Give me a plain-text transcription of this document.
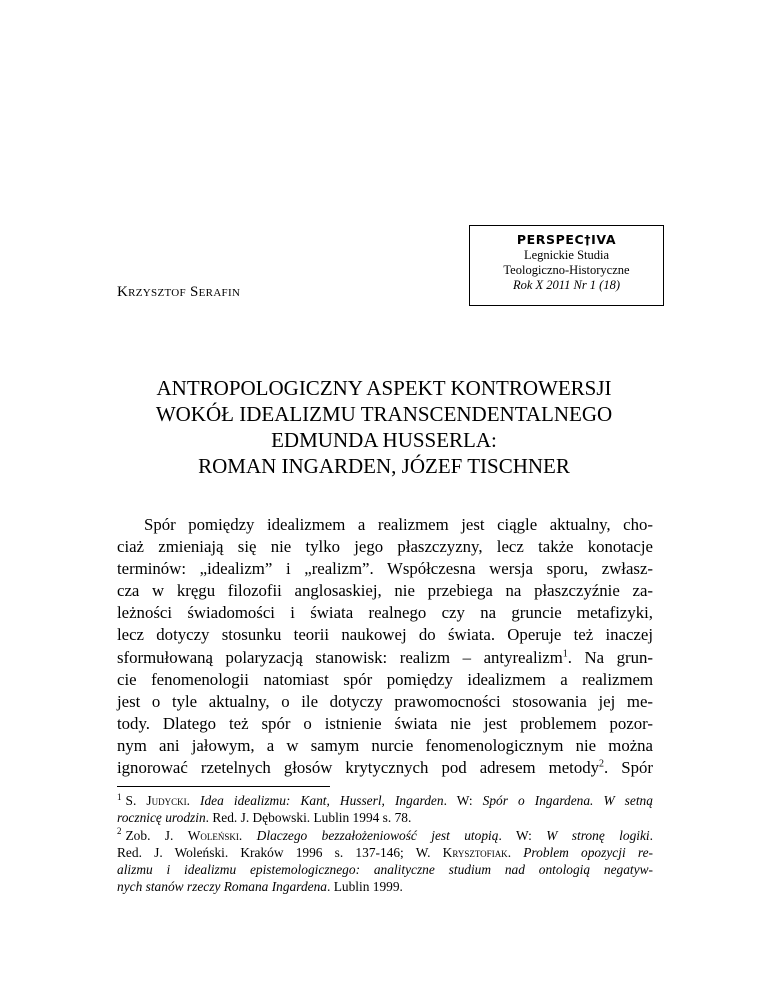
PERSPEC†IVA
Legnickie Studia
Teologiczno-Historyczne
Rok X 2011 Nr 1 (18)
Krzysztof Serafin
ANTROPOLOGICZNY ASPEKT KONTROWERSJI
WOKÓŁ IDEALIZMU TRANSCENDENTALNEGO
EDMUNDA HUSSERLA:
ROMAN INGARDEN, JÓZEF TISCHNER
Spór pomiędzy idealizmem a realizmem jest ciągle aktualny, cho-
ciaż zmieniają się nie tylko jego płaszczyzny, lecz także konotacje
terminów: „idealizm” i „realizm”. Współczesna wersja sporu, zwłasz-
cza w kręgu filozofii anglosaskiej, nie przebiega na płaszczyźnie za-
leżności świadomości i świata realnego czy na gruncie metafizyki,
lecz dotyczy stosunku teorii naukowej do świata. Operuje też inaczej
sformułowaną polaryzacją stanowisk: realizm – antyrealizm$^1$. Na grun-
cie fenomenologii natomiast spór pomiędzy idealizmem a realizmem
jest o tyle aktualny, o ile dotyczy prawomocności stosowania jej me-
tody. Dlatego też spór o istnienie świata nie jest problemem pozor-
nym ani jałowym, a w samym nurcie fenomenologicznym nie można
ignorować rzetelnych głosów krytycznych pod adresem metody$^2$. Spór
$^1$ S. Judycki. Idea idealizmu: Kant, Husserl, Ingarden. W: Spór o Ingardena. W setną
rocznicę urodzin. Red. J. Dębowski. Lublin 1994 s. 78.
$^2$ Zob. J. Woleński. Dlaczego bezzałożeniowość jest utopią. W: W stronę logiki.
Red. J. Woleński. Kraków 1996 s. 137-146; W. Krysztofiak. Problem opozycji re-
alizmu i idealizmu epistemologicznego: analityczne studium nad ontologią negatyw-
nych stanów rzeczy Romana Ingardena. Lublin 1999.
